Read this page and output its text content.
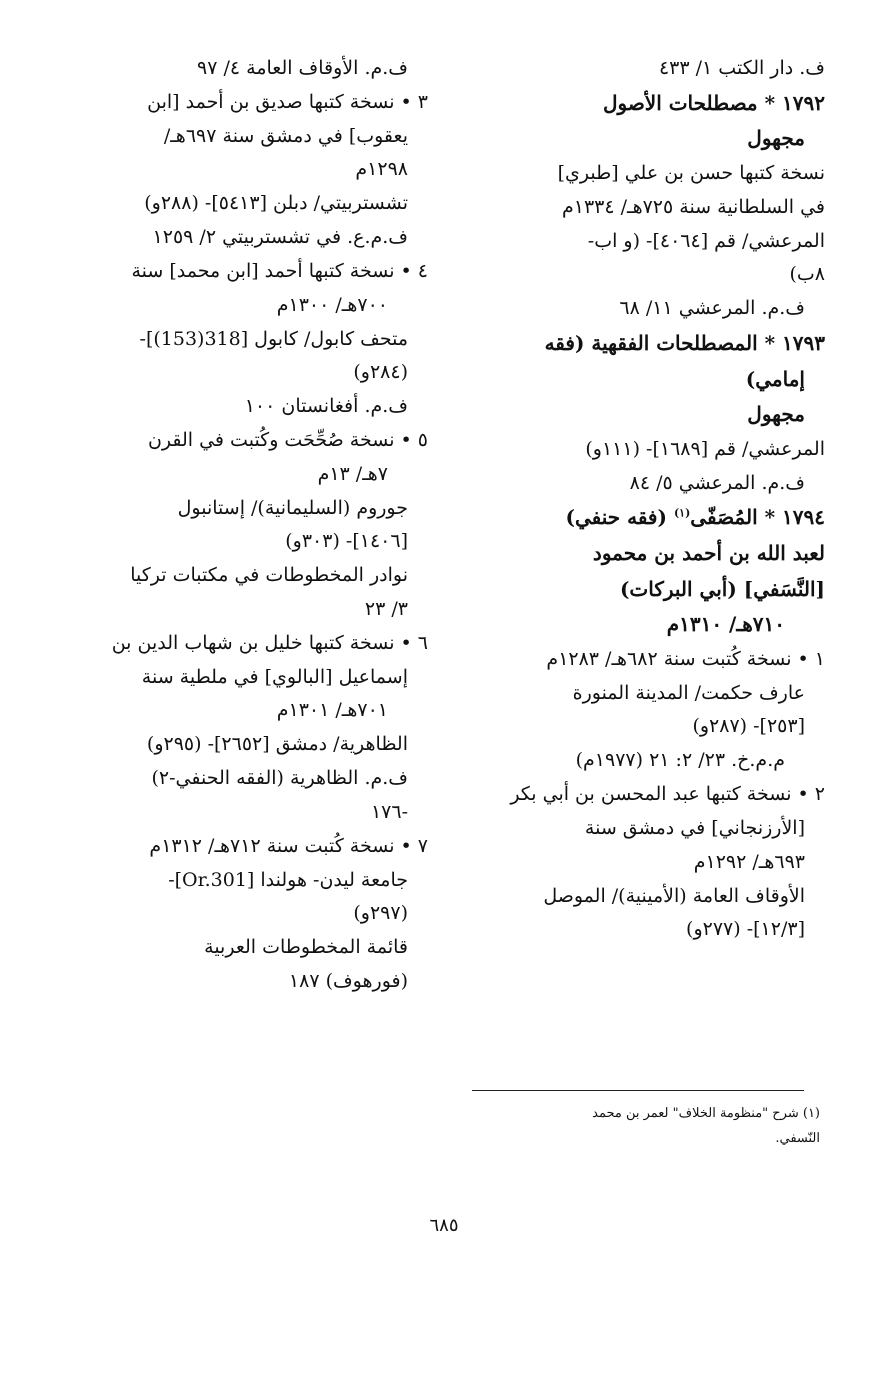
ف. دار الكتب ١/ ٤٣٣
١٧٩٢ * مصطلحات الأصول
مجهول
نسخة كتبها حسن بن علي [طبري]
في السلطانية سنة ٧٢٥هـ/ ١٣٣٤م
المرعشي/ قم [٤٠٦٤]- (و اب-
٨ب)
ف.م. المرعشي ١١/ ٦٨
١٧٩٣ * المصطلحات الفقهية (فقه
إمامي)
مجهول
المرعشي/ قم [١٦٨٩]- (١١١و)
ف.م. المرعشي ٥/ ٨٤
١٧٩٤ * المُصَفّى$^{(١)}$ (فقه حنفي)
لعبد الله بن أحمد بن محمود
[النَّسَفي] (أبي البركات)
٧١٠هـ/ ١٣١٠م
١ • نسخة كُتبت سنة ٦٨٢هـ/ ١٢٨٣م
عارف حكمت/ المدينة المنورة
[٢٥٣]- (٢٨٧و)
م.م.خ. ٢٣/ ٢: ٢١ (١٩٧٧م)
٢ • نسخة كتبها عبد المحسن بن أبي بكر
[الأرزنجاني] في دمشق سنة
٦٩٣هـ/ ١٢٩٢م
الأوقاف العامة (الأمينية)/ الموصل
[١٢/٣]- (٢٧٧و)
ف.م. الأوقاف العامة ٤/ ٩٧
٣ • نسخة كتبها صديق بن أحمد [ابن
يعقوب] في دمشق سنة ٦٩٧هـ/
١٢٩٨م
تشستربيتي/ دبلن [٥٤١٣]- (٢٨٨و)
ف.م.ع. في تشستربيتي ٢/ ١٢٥٩
٤ • نسخة كتبها أحمد [ابن محمد] سنة
٧٠٠هـ/ ١٣٠٠م
متحف كابول/ كابول [318(153)]-
(٢٨٤و)
ف.م. أفغانستان ١٠٠
٥ • نسخة صُحِّحَت وكُتبت في القرن
٧هـ/ ١٣م
جوروم (السليمانية)/ إستانبول
[١٤٠٦]- (٣٠٣و)
نوادر المخطوطات في مكتبات تركيا
٣/ ٢٣
٦ • نسخة كتبها خليل بن شهاب الدين بن
إسماعيل [البالوي] في ملطية سنة
٧٠١هـ/ ١٣٠١م
الظاهرية/ دمشق [٢٦٥٢]- (٢٩٥و)
ف.م. الظاهرية (الفقه الحنفي-٢)
-١٧٦
٧ • نسخة كُتبت سنة ٧١٢هـ/ ١٣١٢م
جامعة ليدن- هولندا [Or.301]-
(٢٩٧و)
قائمة المخطوطات العربية
(فورهوف) ١٨٧
(١) شرح "منظومة الخلاف" لعمر بن محمد
النّسفي.
٦٨٥
